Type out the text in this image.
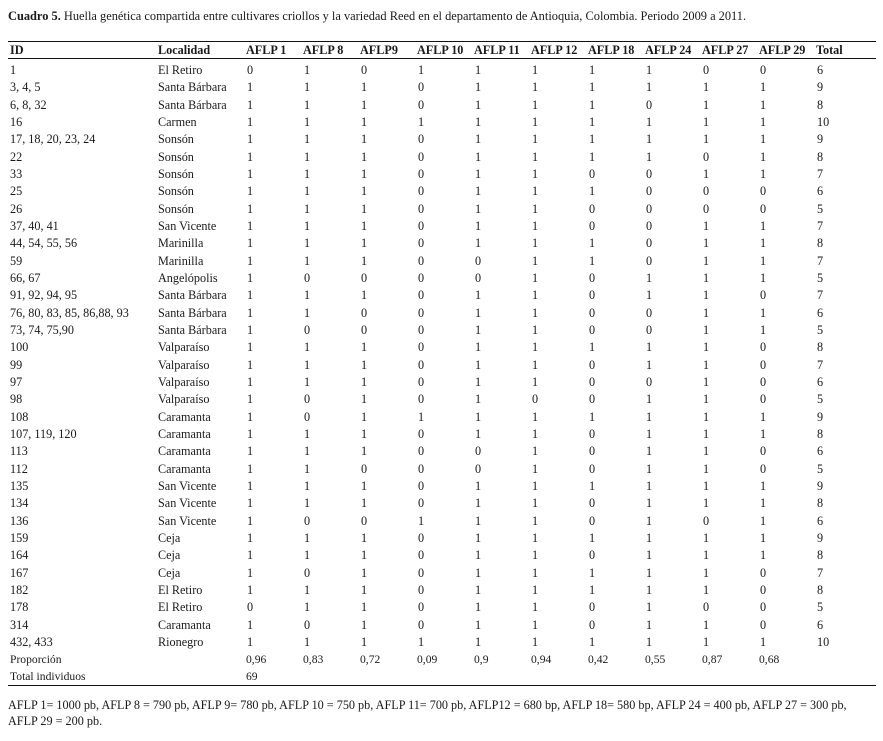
Cuadro 5. Huella genética compartida entre cultivares criollos y la variedad Reed en el departamento de Antioquia, Colombia. Periodo 2009 a 2011.
ID	Localidad	AFLP 1	AFLP 8	AFLP9	AFLP 10	AFLP 11	AFLP 12	AFLP 18	AFLP 24	AFLP 27	AFLP 29	Total
1	El Retiro	0	1	0	1	1	1	1	1	0	0	6
3, 4, 5	Santa Bárbara	1	1	1	0	1	1	1	1	1	1	9
6, 8, 32	Santa Bárbara	1	1	1	0	1	1	1	0	1	1	8
16	Carmen	1	1	1	1	1	1	1	1	1	1	10
17, 18, 20, 23, 24	Sonsón	1	1	1	0	1	1	1	1	1	1	9
22	Sonsón	1	1	1	0	1	1	1	1	0	1	8
33	Sonsón	1	1	1	0	1	1	0	0	1	1	7
25	Sonsón	1	1	1	0	1	1	1	0	0	0	6
26	Sonsón	1	1	1	0	1	1	0	0	0	0	5
37, 40, 41	San Vicente	1	1	1	0	1	1	0	0	1	1	7
44, 54, 55, 56	Marinilla	1	1	1	0	1	1	1	0	1	1	8
59	Marinilla	1	1	1	0	0	1	1	0	1	1	7
66, 67	Angelópolis	1	0	0	0	0	1	0	1	1	1	5
91, 92, 94, 95	Santa Bárbara	1	1	1	0	1	1	0	1	1	0	7
76, 80, 83, 85, 86,88, 93	Santa Bárbara	1	1	0	0	1	1	0	0	1	1	6
73, 74, 75,90	Santa Bárbara	1	0	0	0	1	1	0	0	1	1	5
100	Valparaíso	1	1	1	0	1	1	1	1	1	0	8
99	Valparaíso	1	1	1	0	1	1	0	1	1	0	7
97	Valparaíso	1	1	1	0	1	1	0	0	1	0	6
98	Valparaíso	1	0	1	0	1	0	0	1	1	0	5
108	Caramanta	1	0	1	1	1	1	1	1	1	1	9
107, 119, 120	Caramanta	1	1	1	0	1	1	0	1	1	1	8
113	Caramanta	1	1	1	0	0	1	0	1	1	0	6
112	Caramanta	1	1	0	0	0	1	0	1	1	0	5
135	San Vicente	1	1	1	0	1	1	1	1	1	1	9
134	San Vicente	1	1	1	0	1	1	0	1	1	1	8
136	San Vicente	1	0	0	1	1	1	0	1	0	1	6
159	Ceja	1	1	1	0	1	1	1	1	1	1	9
164	Ceja	1	1	1	0	1	1	0	1	1	1	8
167	Ceja	1	0	1	0	1	1	1	1	1	0	7
182	El Retiro	1	1	1	0	1	1	1	1	1	0	8
178	El Retiro	0	1	1	0	1	1	0	1	0	0	5
314	Caramanta	1	0	1	0	1	1	0	1	1	0	6
432, 433	Rionegro	1	1	1	1	1	1	1	1	1	1	10
Proporción		0,96	0,83	0,72	0,09	0,9	0,94	0,42	0,55	0,87	0,68	
Total individuos		69										
AFLP 1= 1000 pb, AFLP 8 = 790 pb, AFLP 9= 780 pb, AFLP 10 = 750 pb, AFLP 11= 700 pb, AFLP12 = 680 bp, AFLP 18= 580 bp, AFLP 24 = 400 pb, AFLP 27 = 300 pb, AFLP 29 = 200 pb.
